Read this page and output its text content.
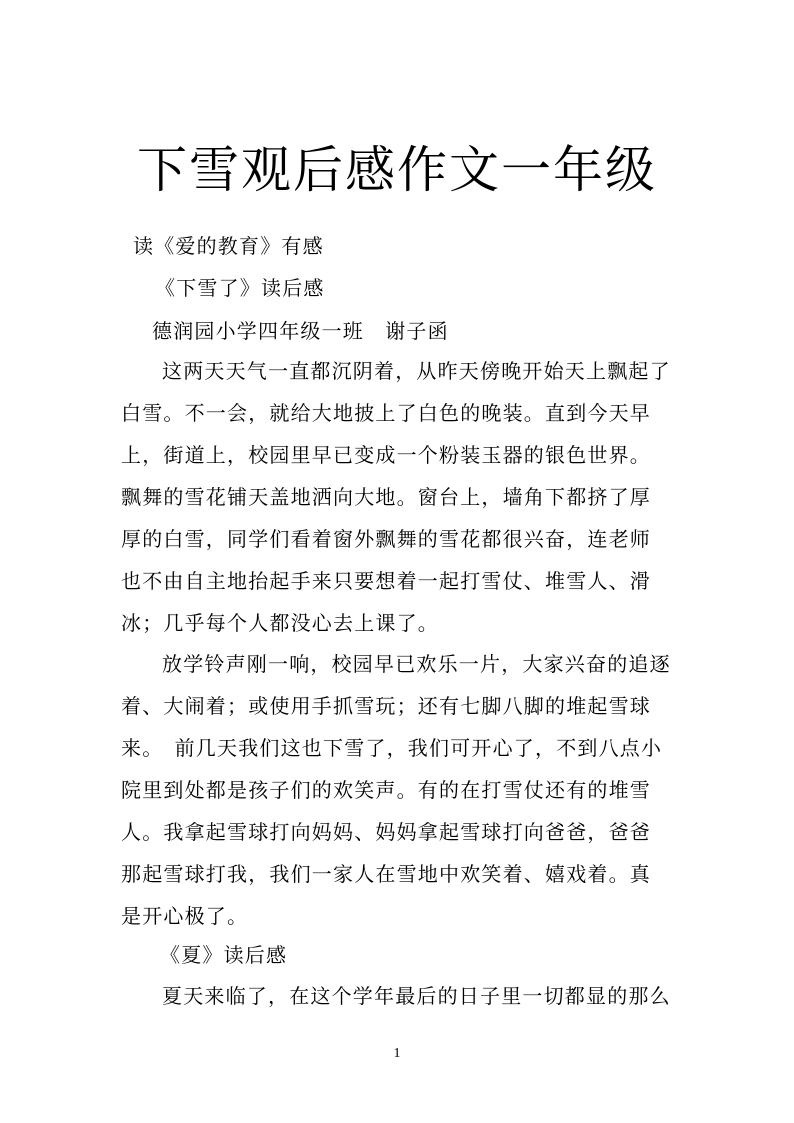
下雪观后感作文一年级
读《爱的教育》有感
《下雪了》读后感
德润园小学四年级一班　谢子函
这两天天气一直都沉阴着，从昨天傍晚开始天上飘起了
白雪。不一会，就给大地披上了白色的晚装。直到今天早
上，街道上，校园里早已变成一个粉装玉器的银色世界。
飘舞的雪花铺天盖地洒向大地。窗台上，墙角下都挤了厚
厚的白雪，同学们看着窗外飘舞的雪花都很兴奋，连老师
也不由自主地抬起手来只要想着一起打雪仗、堆雪人、滑
冰；几乎每个人都没心去上课了。
放学铃声刚一响，校园早已欢乐一片，大家兴奋的追逐
着、大闹着；或使用手抓雪玩；还有七脚八脚的堆起雪球
来。　前几天我们这也下雪了，我们可开心了，不到八点小
院里到处都是孩子们的欢笑声。有的在打雪仗还有的堆雪
人。我拿起雪球打向妈妈、妈妈拿起雪球打向爸爸，爸爸
那起雪球打我，我们一家人在雪地中欢笑着、嬉戏着。真
是开心极了。
《夏》读后感
夏天来临了，在这个学年最后的日子里一切都显的那么
1
